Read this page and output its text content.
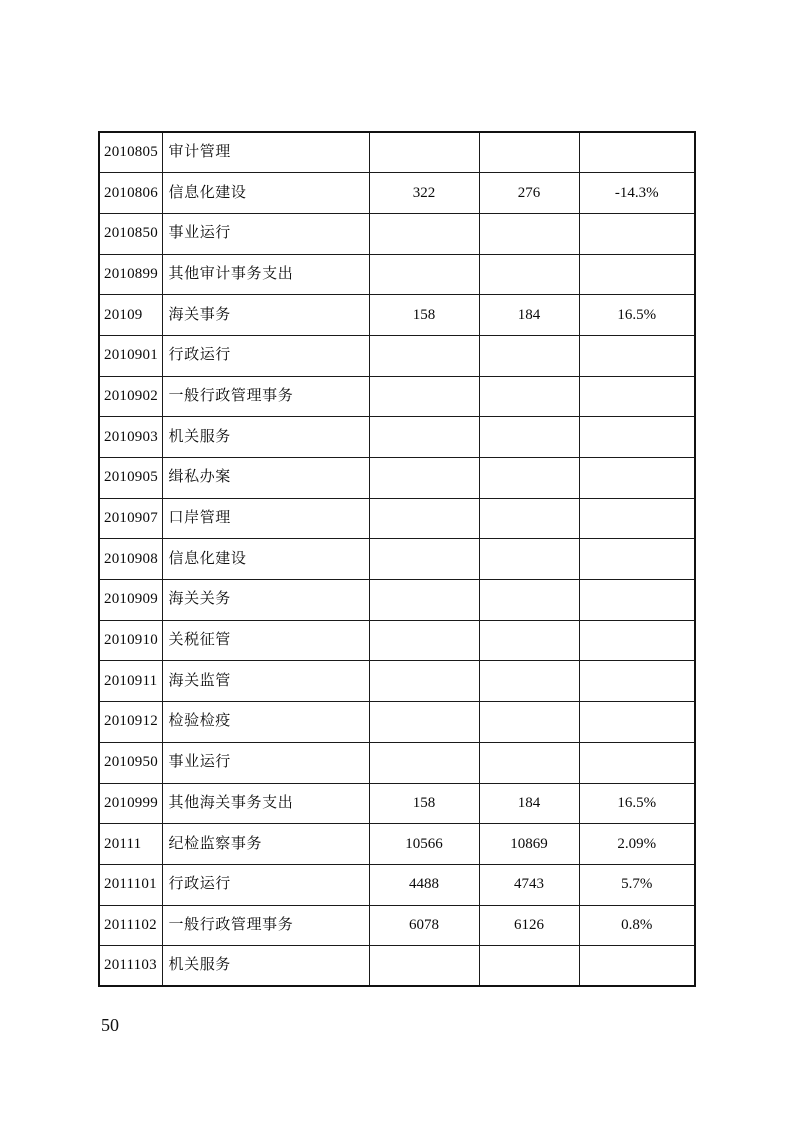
2010805	审计管理			
2010806	信息化建设	322	276	-14.3%
2010850	事业运行			
2010899	其他审计事务支出			
20109	海关事务	158	184	16.5%
2010901	行政运行			
2010902	一般行政管理事务			
2010903	机关服务			
2010905	缉私办案			
2010907	口岸管理			
2010908	信息化建设			
2010909	海关关务			
2010910	关税征管			
2010911	海关监管			
2010912	检验检疫			
2010950	事业运行			
2010999	其他海关事务支出	158	184	16.5%
20111	纪检监察事务	10566	10869	2.09%
2011101	行政运行	4488	4743	5.7%
2011102	一般行政管理事务	6078	6126	0.8%
2011103	机关服务			
50
